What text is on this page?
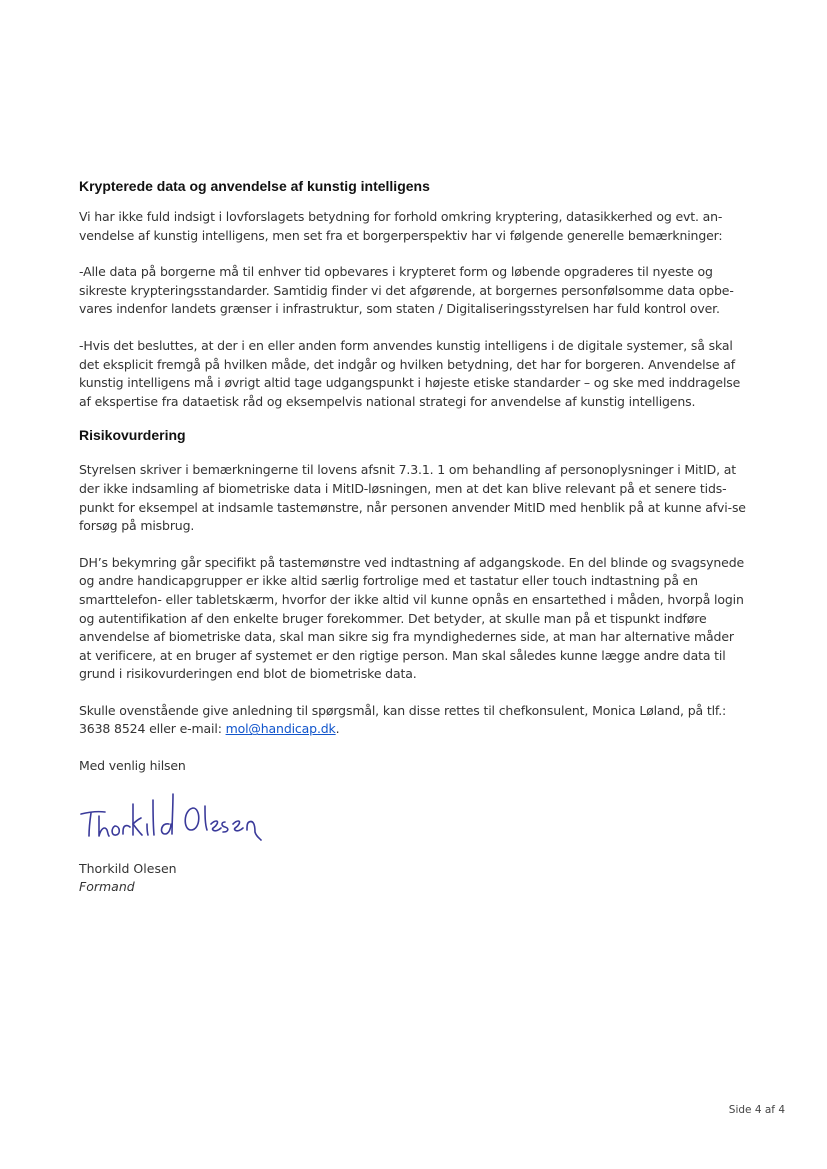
Krypterede data og anvendelse af kunstig intelligens

Vi har ikke fuld indsigt i lovforslagets betydning for forhold omkring kryptering, datasikkerhed og evt. an-vendelse af kunstig intelligens, men set fra et borgerperspektiv har vi følgende generelle bemærkninger:

-Alle data på borgerne må til enhver tid opbevares i krypteret form og løbende opgraderes til nyeste og sikreste krypteringsstandarder. Samtidig finder vi det afgørende, at borgernes personfølsomme data opbe-vares indenfor landets grænser i infrastruktur, som staten / Digitaliseringsstyrelsen har fuld kontrol over.

-Hvis det besluttes, at der i en eller anden form anvendes kunstig intelligens i de digitale systemer, så skal det eksplicit fremgå på hvilken måde, det indgår og hvilken betydning, det har for borgeren. Anvendelse af kunstig intelligens må i øvrigt altid tage udgangspunkt i højeste etiske standarder – og ske med inddragelse af ekspertise fra dataetisk råd og eksempelvis national strategi for anvendelse af kunstig intelligens.

Risikovurdering

Styrelsen skriver i bemærkningerne til lovens afsnit 7.3.1. 1 om behandling af personoplysninger i MitID, at der ikke indsamling af biometriske data i MitID-løsningen, men at det kan blive relevant på et senere tids-punkt for eksempel at indsamle tastemønstre, når personen anvender MitID med henblik på at kunne afvi-se forsøg på misbrug.

DH’s bekymring går specifikt på tastemønstre ved indtastning af adgangskode. En del blinde og svagsynede og andre handicapgrupper er ikke altid særlig fortrolige med et tastatur eller touch indtastning på en smarttelefon- eller tabletskærm, hvorfor der ikke altid vil kunne opnås en ensartethed i måden, hvorpå login og autentifikation af den enkelte bruger forekommer. Det betyder, at skulle man på et tispunkt indføre anvendelse af biometriske data, skal man sikre sig fra myndighedernes side, at man har alternative måder at verificere, at en bruger af systemet er den rigtige person. Man skal således kunne lægge andre data til grund i risikovurderingen end blot de biometriske data.

Skulle ovenstående give anledning til spørgsmål, kan disse rettes til chefkonsulent, Monica Løland, på tlf.: 3638 8524 eller e-mail: mol@handicap.dk.

Med venlig hilsen

Thorkild Olesen
Formand
Side 4 af 4
